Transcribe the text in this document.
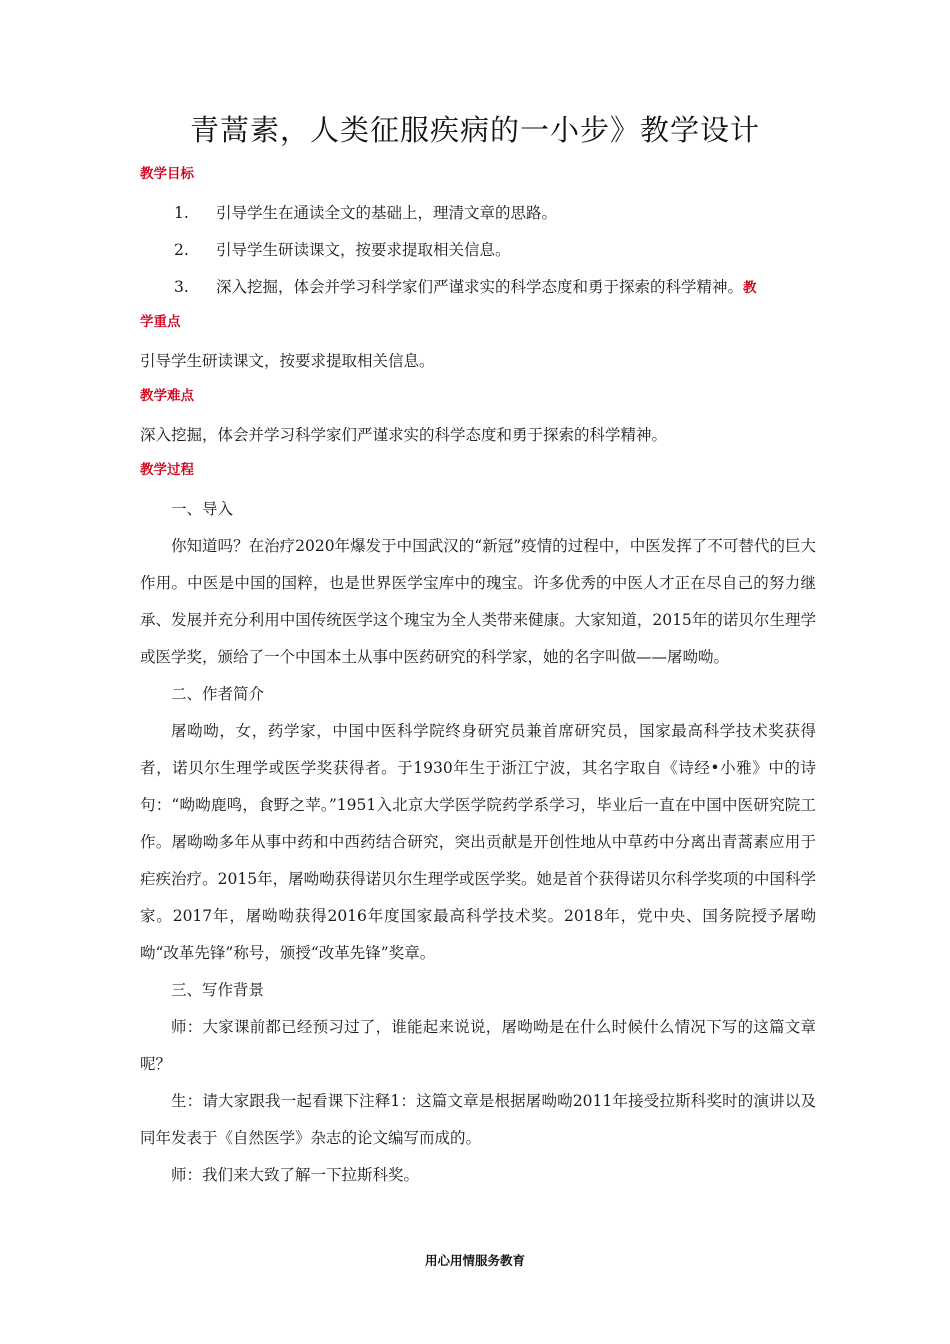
青蒿素，人类征服疾病的一小步》教学设计
教学目标
1. 引导学生在通读全文的基础上，理清文章的思路。
2. 引导学生研读课文，按要求提取相关信息。
3. 深入挖掘，体会并学习科学家们严谨求实的科学态度和勇于探索的科学精神。教
学重点
引导学生研读课文，按要求提取相关信息。
教学难点
深入挖掘，体会并学习科学家们严谨求实的科学态度和勇于探索的科学精神。
教学过程
一、导入

你知道吗？在治疗2020年爆发于中国武汉的“新冠”疫情的过程中，中医发挥了不可替代的巨大作用。中医是中国的国粹，也是世界医学宝库中的瑰宝。许多优秀的中医人才正在尽自己的努力继承、发展并充分利用中国传统医学这个瑰宝为全人类带来健康。大家知道，2015年的诺贝尔生理学或医学奖，颁给了一个中国本土从事中医药研究的科学家，她的名字叫做——屠呦呦。

二、作者简介

屠呦呦，女，药学家，中国中医科学院终身研究员兼首席研究员，国家最高科学技术奖获得者，诺贝尔生理学或医学奖获得者。于1930年生于浙江宁波，其名字取自《诗经•小雅》中的诗句：“呦呦鹿鸣，食野之苹。”1951入北京大学医学院药学系学习，毕业后一直在中国中医研究院工作。屠呦呦多年从事中药和中西药结合研究，突出贡献是开创性地从中草药中分离出青蒿素应用于疟疾治疗。2015年，屠呦呦获得诺贝尔生理学或医学奖。她是首个获得诺贝尔科学奖项的中国科学家。2017年，屠呦呦获得2016年度国家最高科学技术奖。2018年，党中央、国务院授予屠呦呦“改革先锋”称号，颁授“改革先锋”奖章。

三、写作背景

师：大家课前都已经预习过了，谁能起来说说，屠呦呦是在什么时候什么情况下写的这篇文章呢？

生：请大家跟我一起看课下注释1：这篇文章是根据屠呦呦2011年接受拉斯科奖时的演讲以及同年发表于《自然医学》杂志的论文编写而成的。

师：我们来大致了解一下拉斯科奖。

用心用情服务教育
